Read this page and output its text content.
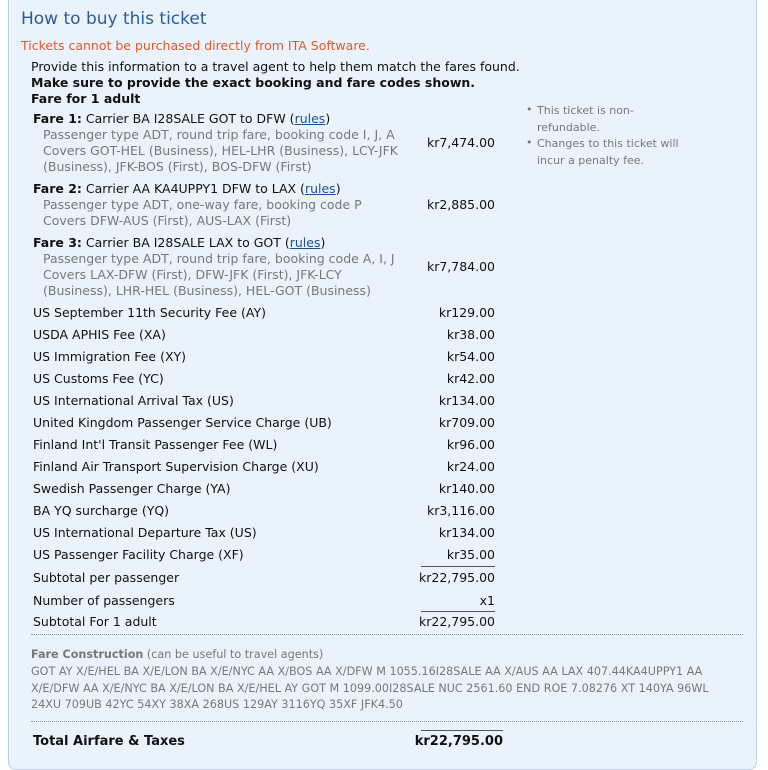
How to buy this ticket
Tickets cannot be purchased directly from ITA Software.
Provide this information to a travel agent to help them match the fares found.
Make sure to provide the exact booking and fare codes shown.
Fare for 1 adult
• This ticket is non-refundable.
• Changes to this ticket will incur a penalty fee.
Fare 1: Carrier BA I28SALE GOT to DFW (rules)
Passenger type ADT, round trip fare, booking code I, J, A
Covers GOT-HEL (Business), HEL-LHR (Business), LCY-JFK
(Business), JFK-BOS (First), BOS-DFW (First)
kr7,474.00
Fare 2: Carrier AA KA4UPPY1 DFW to LAX (rules)
Passenger type ADT, one-way fare, booking code P
Covers DFW-AUS (First), AUS-LAX (First)
kr2,885.00
Fare 3: Carrier BA I28SALE LAX to GOT (rules)
Passenger type ADT, round trip fare, booking code A, I, J
Covers LAX-DFW (First), DFW-JFK (First), JFK-LCY
(Business), LHR-HEL (Business), HEL-GOT (Business)
kr7,784.00
US September 11th Security Fee (AY)	kr129.00
USDA APHIS Fee (XA)	kr38.00
US Immigration Fee (XY)	kr54.00
US Customs Fee (YC)	kr42.00
US International Arrival Tax (US)	kr134.00
United Kingdom Passenger Service Charge (UB)	kr709.00
Finland Int'l Transit Passenger Fee (WL)	kr96.00
Finland Air Transport Supervision Charge (XU)	kr24.00
Swedish Passenger Charge (YA)	kr140.00
BA YQ surcharge (YQ)	kr3,116.00
US International Departure Tax (US)	kr134.00
US Passenger Facility Charge (XF)	kr35.00
Subtotal per passenger	kr22,795.00
Number of passengers	x1
Subtotal For 1 adult	kr22,795.00
Fare Construction (can be useful to travel agents)
GOT AY X/E/HEL BA X/E/LON BA X/E/NYC AA X/BOS AA X/DFW M 1055.16I28SALE AA X/AUS AA LAX 407.44KA4UPPY1 AA X/E/DFW AA X/E/NYC BA X/E/LON BA X/E/HEL AY GOT M 1099.00I28SALE NUC 2561.60 END ROE 7.08276 XT 140YA 96WL 24XU 709UB 42YC 54XY 38XA 268US 129AY 3116YQ 35XF JFK4.50
Total Airfare & Taxes	kr22,795.00
